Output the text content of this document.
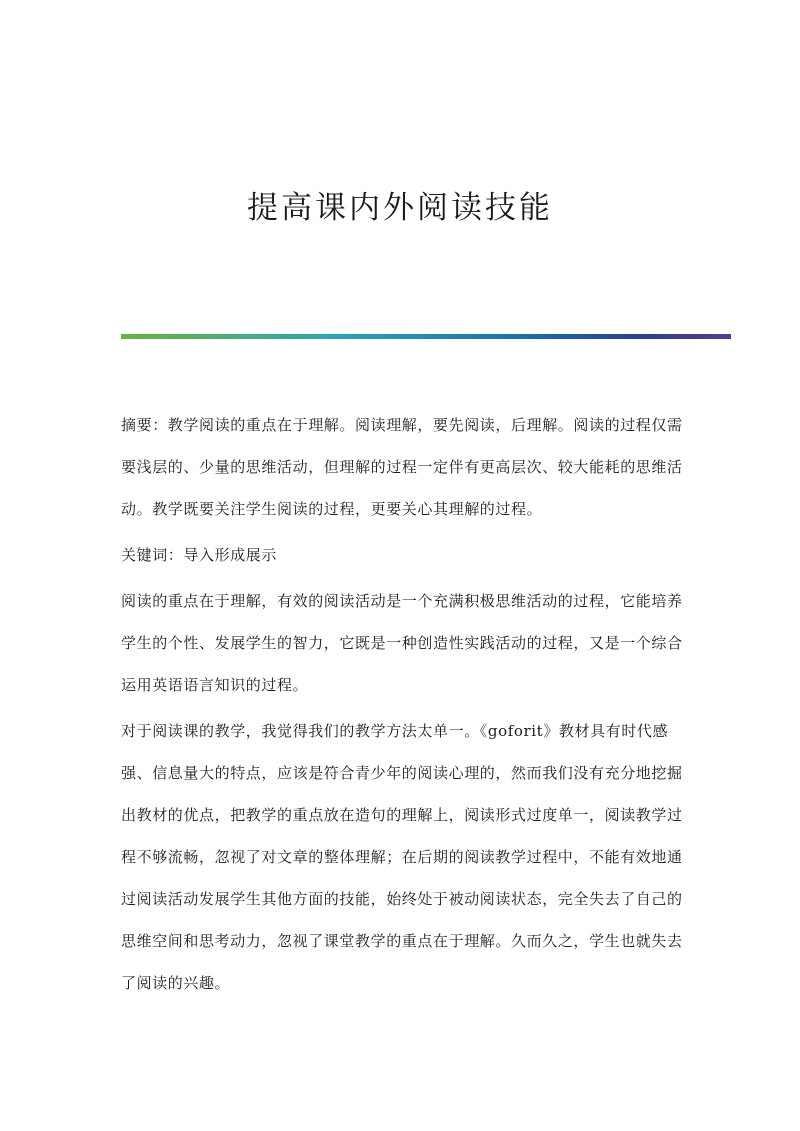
提高课内外阅读技能

摘要：教学阅读的重点在于理解。阅读理解，要先阅读，后理解。阅读的过程仅需要浅层的、少量的思维活动，但理解的过程一定伴有更高层次、较大能耗的思维活动。教学既要关注学生阅读的过程，更要关心其理解的过程。

关键词：导入形成展示

阅读的重点在于理解，有效的阅读活动是一个充满积极思维活动的过程，它能培养学生的个性、发展学生的智力，它既是一种创造性实践活动的过程，又是一个综合运用英语语言知识的过程。

对于阅读课的教学，我觉得我们的教学方法太单一。《goforit》教材具有时代感强、信息量大的特点，应该是符合青少年的阅读心理的，然而我们没有充分地挖掘出教材的优点，把教学的重点放在造句的理解上，阅读形式过度单一，阅读教学过程不够流畅，忽视了对文章的整体理解；在后期的阅读教学过程中，不能有效地通过阅读活动发展学生其他方面的技能，始终处于被动阅读状态，完全失去了自己的思维空间和思考动力，忽视了课堂教学的重点在于理解。久而久之，学生也就失去了阅读的兴趣。
